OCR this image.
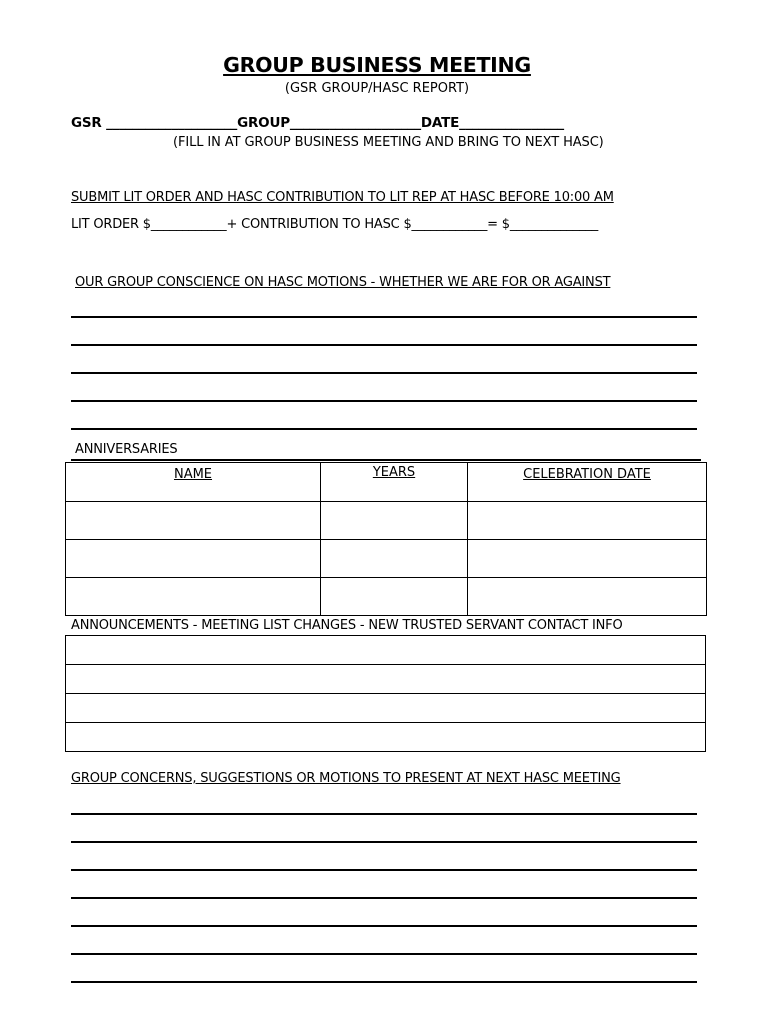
GROUP BUSINESS MEETING
(GSR GROUP/HASC REPORT)
GSR ____________________GROUP____________________DATE________________
(FILL IN AT GROUP BUSINESS MEETING AND BRING TO NEXT HASC)
SUBMIT LIT ORDER AND HASC CONTRIBUTION TO LIT REP AT HASC BEFORE 10:00 AM
LIT ORDER $____________+ CONTRIBUTION TO HASC $____________= $______________
OUR GROUP CONSCIENCE ON HASC MOTIONS - WHETHER WE ARE FOR OR AGAINST
ANNIVERSARIES
NAME	YEARS	CELEBRATION DATE

ANNOUNCEMENTS - MEETING LIST CHANGES - NEW TRUSTED SERVANT CONTACT INFO

GROUP CONCERNS, SUGGESTIONS OR MOTIONS TO PRESENT AT NEXT HASC MEETING
